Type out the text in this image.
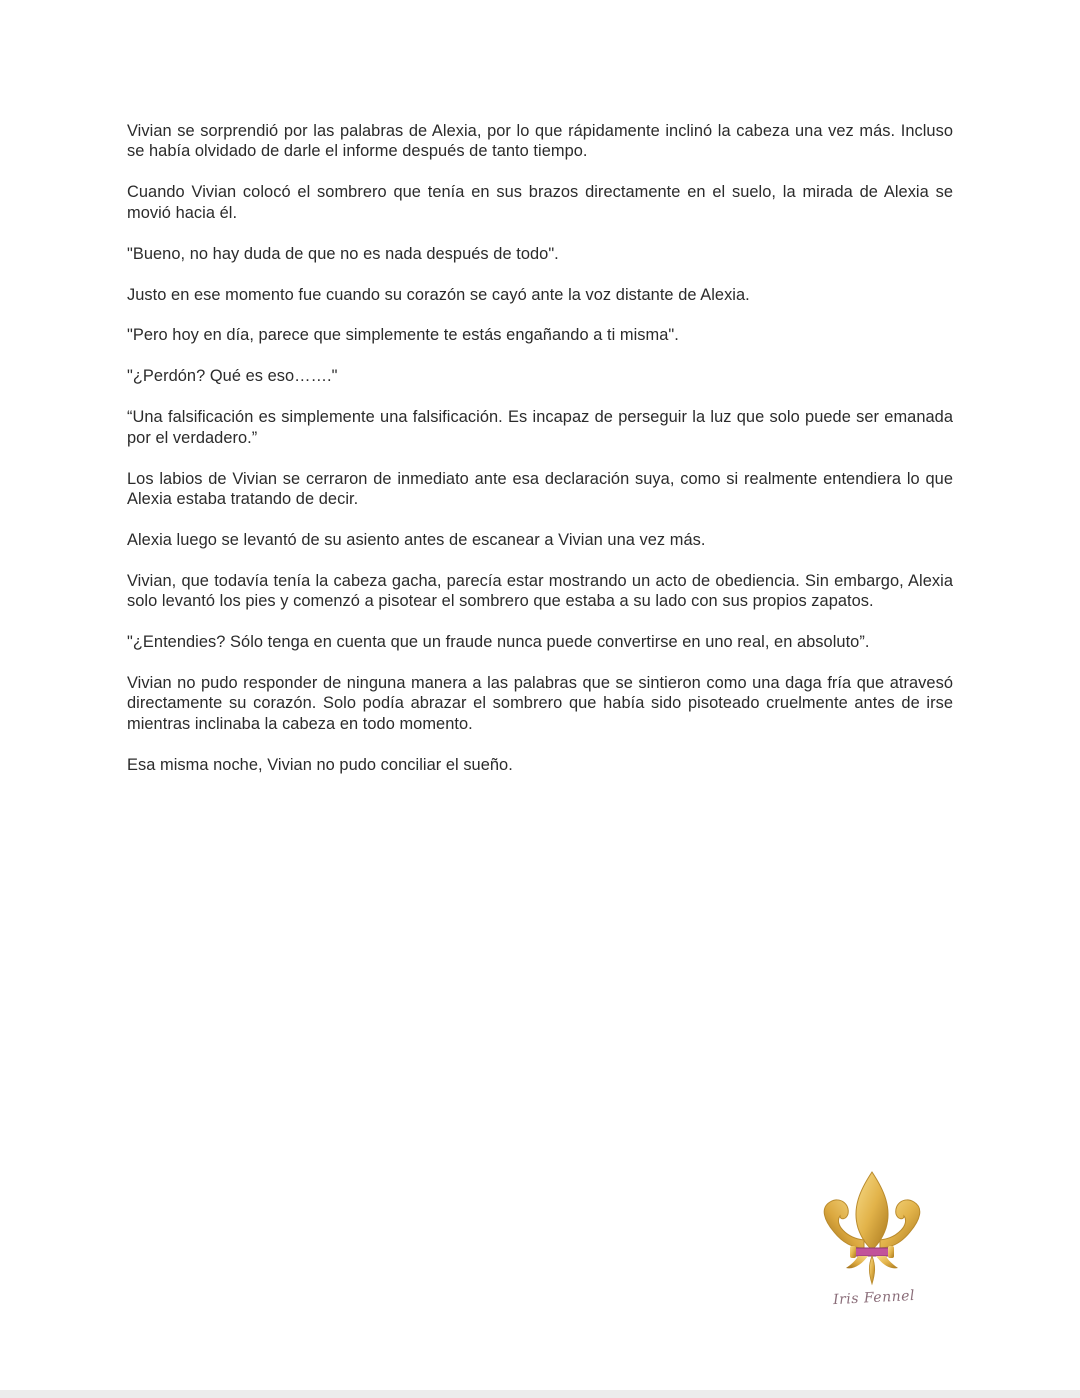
Vivian se sorprendió por las palabras de Alexia, por lo que rápidamente inclinó la cabeza una vez más. Incluso se había olvidado de darle el informe después de tanto tiempo.

Cuando Vivian colocó el sombrero que tenía en sus brazos directamente en el suelo, la mirada de Alexia se movió hacia él.

"Bueno, no hay duda de que no es nada después de todo".

Justo en ese momento fue cuando su corazón se cayó ante la voz distante de Alexia.

"Pero hoy en día, parece que simplemente te estás engañando a ti misma".

"¿Perdón? Qué es eso……."

“Una falsificación es simplemente una falsificación. Es incapaz de perseguir la luz que solo puede ser emanada por el verdadero.”

Los labios de Vivian se cerraron de inmediato ante esa declaración suya, como si realmente entendiera lo que Alexia estaba tratando de decir.

Alexia luego se levantó de su asiento antes de escanear a Vivian una vez más.

Vivian, que todavía tenía la cabeza gacha, parecía estar mostrando un acto de obediencia. Sin embargo, Alexia solo levantó los pies y comenzó a pisotear el sombrero que estaba a su lado con sus propios zapatos.

"¿Entendies? Sólo tenga en cuenta que un fraude nunca puede convertirse en uno real, en absoluto”.

Vivian no pudo responder de ninguna manera a las palabras que se sintieron como una daga fría que atravesó directamente su corazón. Solo podía abrazar el sombrero que había sido pisoteado cruelmente antes de irse mientras inclinaba la cabeza en todo momento.

Esa misma noche, Vivian no pudo conciliar el sueño.

Iris Fennel
